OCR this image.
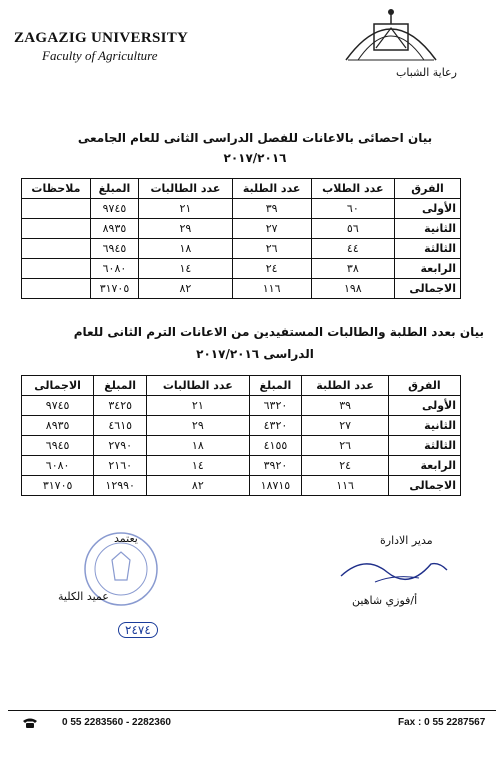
ZAGAZIG UNIVERSITY
Faculty of Agriculture
رعاية الشباب
بيان احصائى بالاعانات للفصل الدراسى الثانى للعام الجامعى
٢٠١٧/٢٠١٦
الفرق	عدد الطلاب	عدد الطلبة	عدد الطالبات	المبلغ	ملاحظات
الأولى	٦٠	٣٩	٢١	٩٧٤٥	
الثانية	٥٦	٢٧	٢٩	٨٩٣٥	
الثالثة	٤٤	٢٦	١٨	٦٩٤٥	
الرابعة	٣٨	٢٤	١٤	٦٠٨٠	
الاجمالى	١٩٨	١١٦	٨٢	٣١٧٠٥	
بيان بعدد الطلبة والطالبات المستفيدين من الاعانات الترم الثانى للعام
الدراسى ٢٠١٧/٢٠١٦
الفرق	عدد الطلبة	المبلغ	عدد الطالبات	المبلغ	الاجمالى
الأولى	٣٩	٦٣٢٠	٢١	٣٤٢٥	٩٧٤٥
الثانية	٢٧	٤٣٢٠	٢٩	٤٦١٥	٨٩٣٥
الثالثة	٢٦	٤١٥٥	١٨	٢٧٩٠	٦٩٤٥
الرابعة	٢٤	٣٩٢٠	١٤	٢١٦٠	٦٠٨٠
الاجمالى	١١٦	١٨٧١٥	٨٢	١٢٩٩٠	٣١٧٠٥
يعتمد
عميد الكلية
٢٤٧٤
مدير الادارة
أ/فوزي شاهين
0 55 2283560 - 2282360	Fax : 0 55 2287567
